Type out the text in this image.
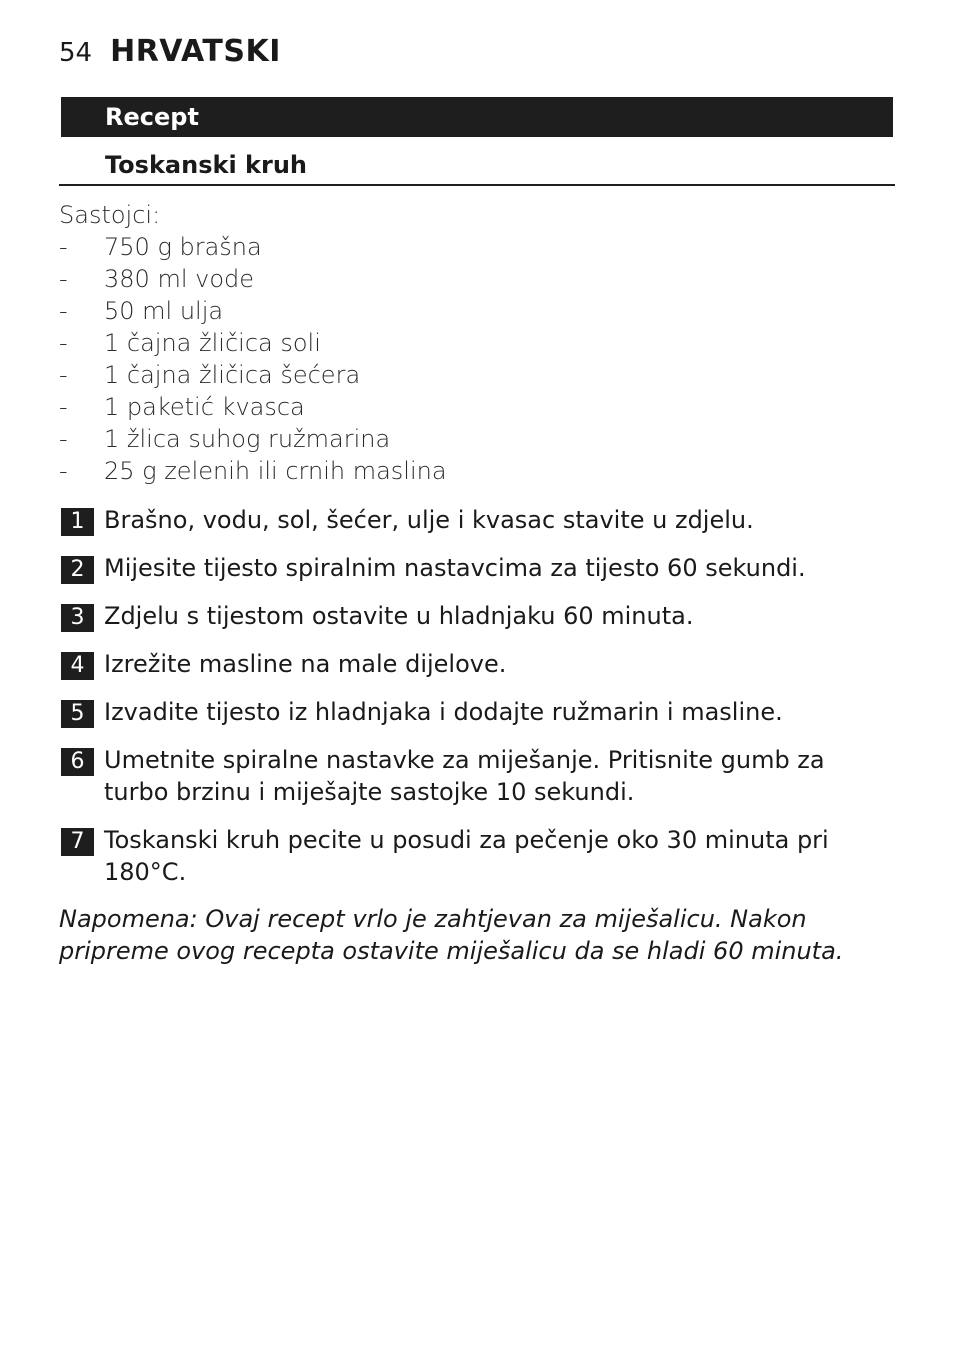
54 HRVATSKI
Recept
Toskanski kruh
Sastojci:
-	750 g brašna
-	380 ml vode
-	50 ml ulja
-	1 čajna žličica soli
-	1 čajna žličica šećera
-	1 paketić kvasca
-	1 žlica suhog ružmarina
-	25 g zelenih ili crnih maslina
1 Brašno, vodu, sol, šećer, ulje i kvasac stavite u zdjelu.
2 Mijesite tijesto spiralnim nastavcima za tijesto 60 sekundi.
3 Zdjelu s tijestom ostavite u hladnjaku 60 minuta.
4 Izrežite masline na male dijelove.
5 Izvadite tijesto iz hladnjaka i dodajte ružmarin i masline.
6 Umetnite spiralne nastavke za miješanje. Pritisnite gumb za turbo brzinu i miješajte sastojke 10 sekundi.
7 Toskanski kruh pecite u posudi za pečenje oko 30 minuta pri 180°C.
Napomena: Ovaj recept vrlo je zahtjevan za miješalicu. Nakon pripreme ovog recepta ostavite miješalicu da se hladi 60 minuta.
